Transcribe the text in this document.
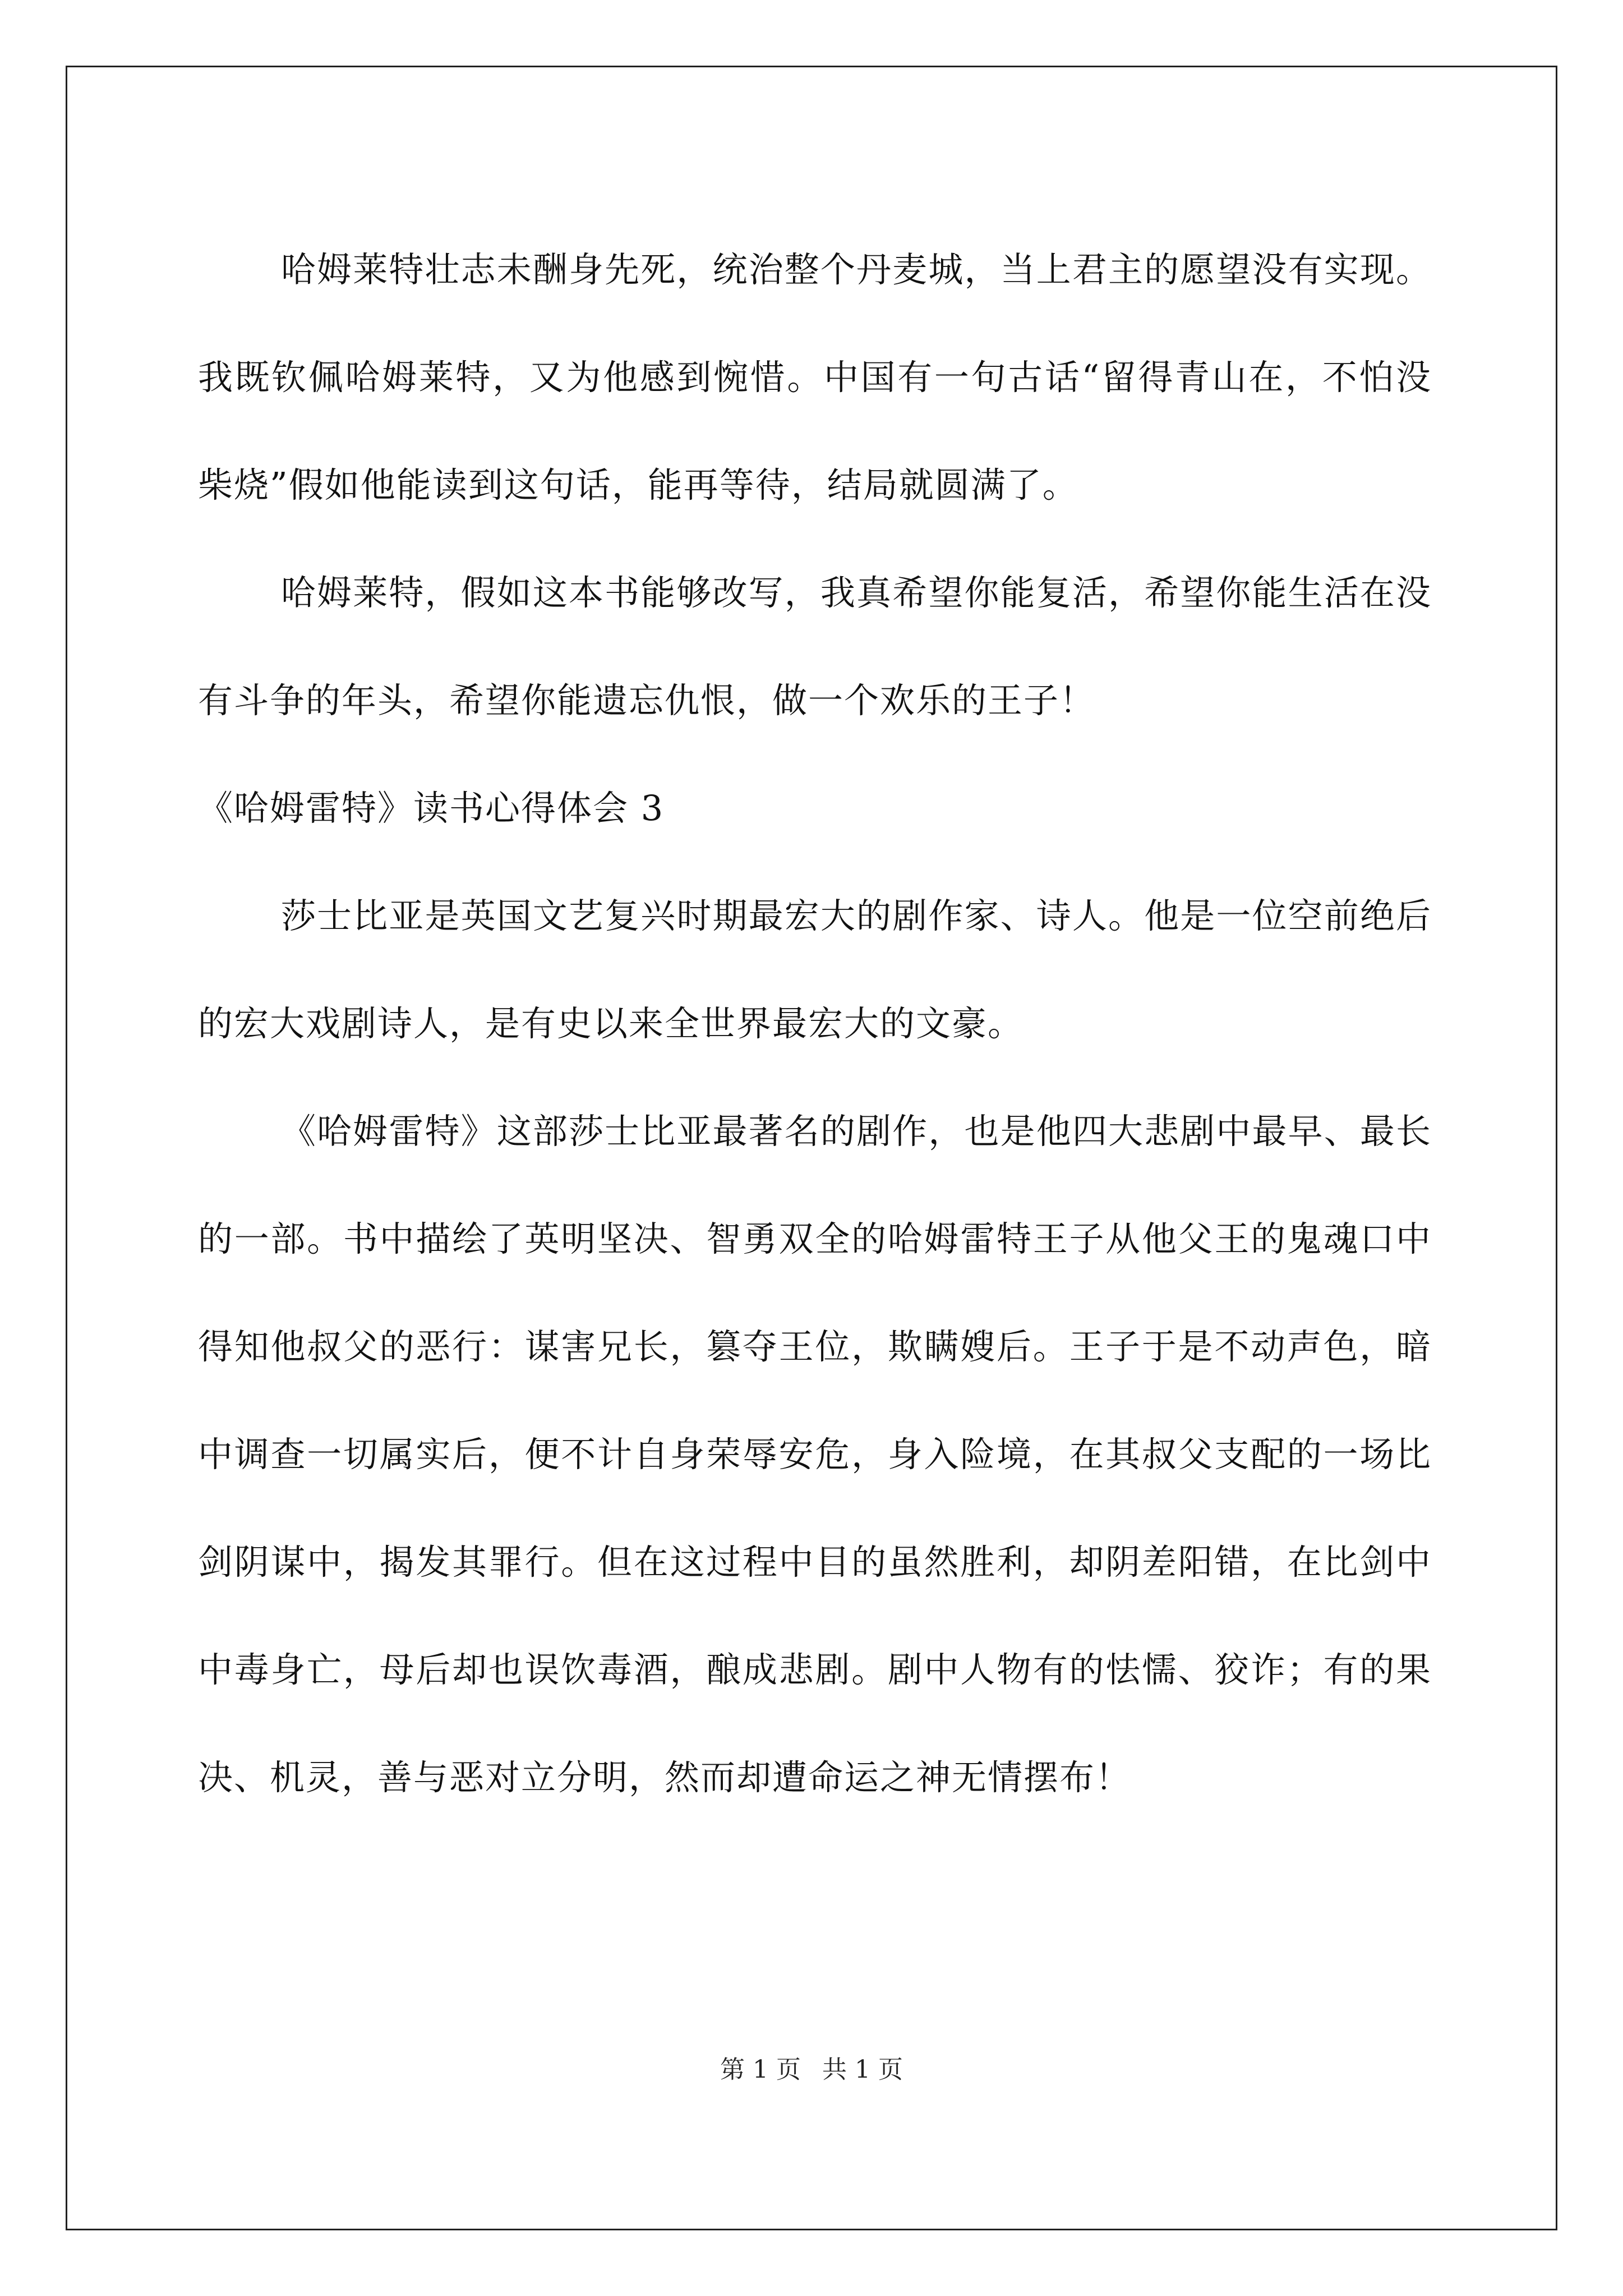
哈姆莱特壮志未酬身先死，统治整个丹麦城，当上君主的愿望没有实现。我既钦佩哈姆莱特，又为他感到惋惜。中国有一句古话“留得青山在，不怕没柴烧”假如他能读到这句话，能再等待，结局就圆满了。

哈姆莱特，假如这本书能够改写，我真希望你能复活，希望你能生活在没有斗争的年头，希望你能遗忘仇恨，做一个欢乐的王子！

《哈姆雷特》读书心得体会 3

莎士比亚是英国文艺复兴时期最宏大的剧作家、诗人。他是一位空前绝后的宏大戏剧诗人，是有史以来全世界最宏大的文豪。

《哈姆雷特》这部莎士比亚最著名的剧作，也是他四大悲剧中最早、最长的一部。书中描绘了英明坚决、智勇双全的哈姆雷特王子从他父王的鬼魂口中得知他叔父的恶行：谋害兄长，篡夺王位，欺瞒嫂后。王子于是不动声色，暗中调查一切属实后，便不计自身荣辱安危，身入险境，在其叔父支配的一场比剑阴谋中，揭发其罪行。但在这过程中目的虽然胜利，却阴差阳错，在比剑中中毒身亡，母后却也误饮毒酒，酿成悲剧。剧中人物有的怯懦、狡诈；有的果决、机灵，善与恶对立分明，然而却遭命运之神无情摆布！

第 1 页 共 1 页
